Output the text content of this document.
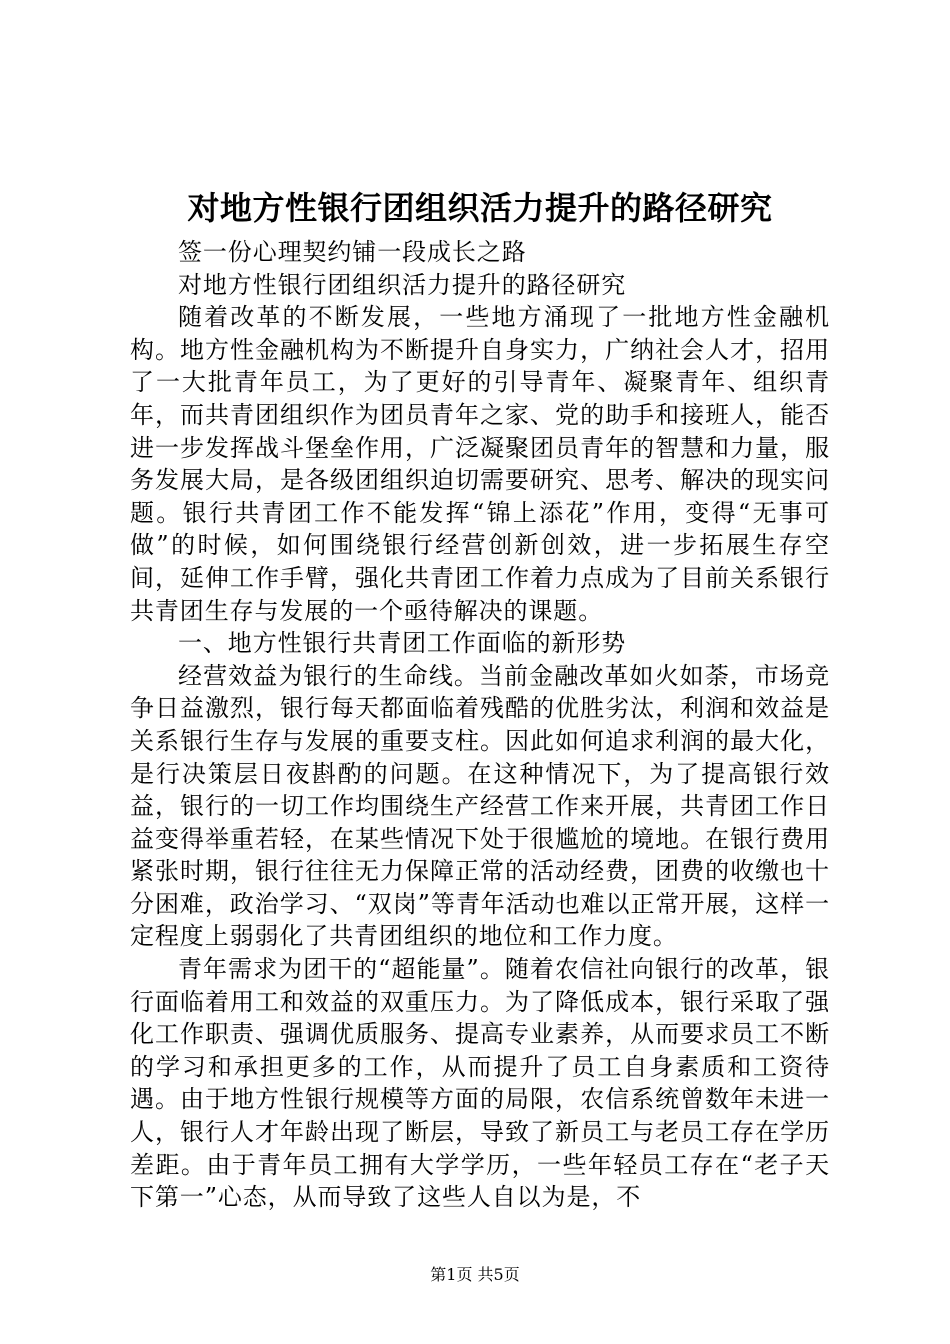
对地方性银行团组织活力提升的路径研究

签一份心理契约铺一段成长之路

对地方性银行团组织活力提升的路径研究

随着改革的不断发展，一些地方涌现了一批地方性金融机构。地方性金融机构为不断提升自身实力，广纳社会人才，招用了一大批青年员工，为了更好的引导青年、凝聚青年、组织青年，而共青团组织作为团员青年之家、党的助手和接班人，能否进一步发挥战斗堡垒作用，广泛凝聚团员青年的智慧和力量，服务发展大局，是各级团组织迫切需要研究、思考、解决的现实问题。银行共青团工作不能发挥“锦上添花”作用，变得“无事可做”的时候，如何围绕银行经营创新创效，进一步拓展生存空间，延伸工作手臂，强化共青团工作着力点成为了目前关系银行共青团生存与发展的一个亟待解决的课题。

一、地方性银行共青团工作面临的新形势

经营效益为银行的生命线。当前金融改革如火如荼，市场竞争日益激烈，银行每天都面临着残酷的优胜劣汰，利润和效益是关系银行生存与发展的重要支柱。因此如何追求利润的最大化，是行决策层日夜斟酌的问题。在这种情况下，为了提高银行效益，银行的一切工作均围绕生产经营工作来开展，共青团工作日益变得举重若轻，在某些情况下处于很尴尬的境地。在银行费用紧张时期，银行往往无力保障正常的活动经费，团费的收缴也十分困难，政治学习、“双岗”等青年活动也难以正常开展，这样一定程度上弱弱化了共青团组织的地位和工作力度。

青年需求为团干的“超能量”。随着农信社向银行的改革，银行面临着用工和效益的双重压力。为了降低成本，银行采取了强化工作职责、强调优质服务、提高专业素养，从而要求员工不断的学习和承担更多的工作，从而提升了员工自身素质和工资待遇。由于地方性银行规模等方面的局限，农信系统曾数年未进一人，银行人才年龄出现了断层，导致了新员工与老员工存在学历差距。由于青年员工拥有大学学历，一些年轻员工存在“老子天下第一”心态，从而导致了这些人自以为是，不

第1页 共5页
